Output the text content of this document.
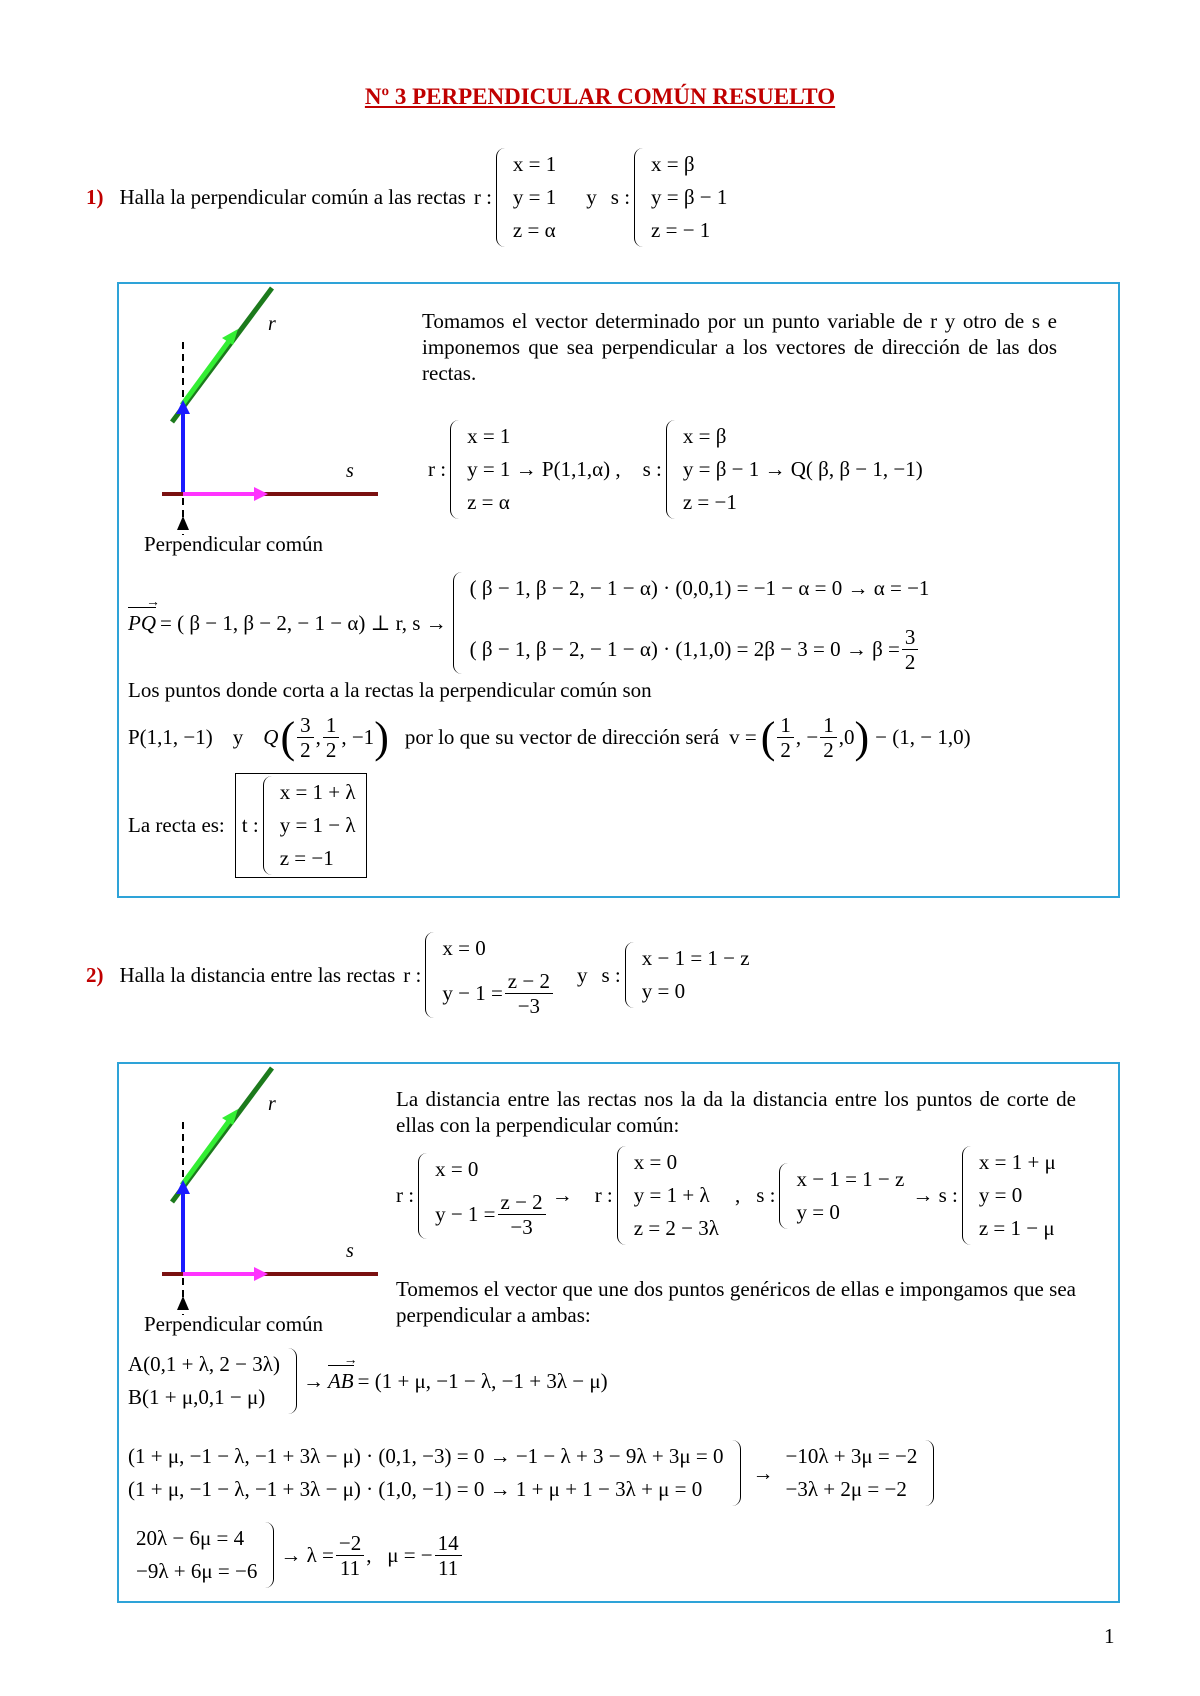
Nº 3 PERPENDICULAR COMÚN RESUELTO
1) Halla la perpendicular común a las rectas r :
x = 1
y = 1
z = α
y s :
x = β
y = β − 1
z = − 1
r
s
Perpendicular común
Tomamos el vector determinado por un punto variable de r y otro de s e imponemos que sea perpendicular a los vectores de dirección de las dos rectas.
r :
x = 1
y = 1 → P(1,1,α) ,
z = α
s :
x = β
y = β − 1 → Q( β, β − 1, −1)
z = −1
→ PQ = ( β − 1, β − 2, − 1 − α) ⊥ r, s →
( β − 1, β − 2, − 1 − α) · (0,0,1) = −1 − α = 0 → α = −1
( β − 1, β − 2, − $1 - \alpha) \cdot (1,1,0) = 2\beta - 3 = 0 \to \beta = \frac{3}{2}$
Los puntos donde corta a la rectas la perpendicular común son
P(1,1, −1) y Q ( $\frac{3}{2}$ , $\frac{1}{2}$ , −1 ) por lo que su vector de dirección será v = ( $\frac{1}{2}$ , − $\frac{1}{2} ,0$ ) − (1, − 1,0)
La recta es: t :
x = 1 + λ
y = 1 − λ
z = −1
2) Halla la distancia entre las rectas r :
x = 0
$y - 1 = \frac{z - 2}{-3}$ y s :
x − 1 = 1 − z
y = 0
r
s
Perpendicular común
La distancia entre las rectas nos la da la distancia entre los puntos de corte de ellas con la perpendicular común:
r :
x = 0
$y - 1 = \frac{z - 2}{-3} \to r$ :
x = 0
y = 1 + λ
z = 2 − 3λ
, s :
x − 1 = 1 − z
y = 0
→ s :
x = 1 + μ
y = 0
z = 1 − μ
Tomemos el vector que une dos puntos genéricos de ellas e impongamos que sea perpendicular a ambas:
A(0,1 + λ, 2 − 3λ)
B(1 + μ,0,1 − μ)
→
→ AB = (1 + μ, −1 − λ, −1 + 3λ − μ)
(1 + μ, −1 − λ, −1 + 3λ − μ) · (0,1, −3) = 0 → −1 − λ + 3 − 9λ + 3μ = 0
(1 + μ, −1 − λ, −1 + 3λ − μ) · (1,0, −1) = 0 → 1 + μ + 1 − 3λ + μ = 0
→
−10λ + 3μ = −2
−3λ + 2μ = −2
20λ − 6μ = 4
−9λ + 6μ = −6
→ $\lambda = \frac{-2}{11}$ ,   μ = − $\frac{14}{11}$
1
